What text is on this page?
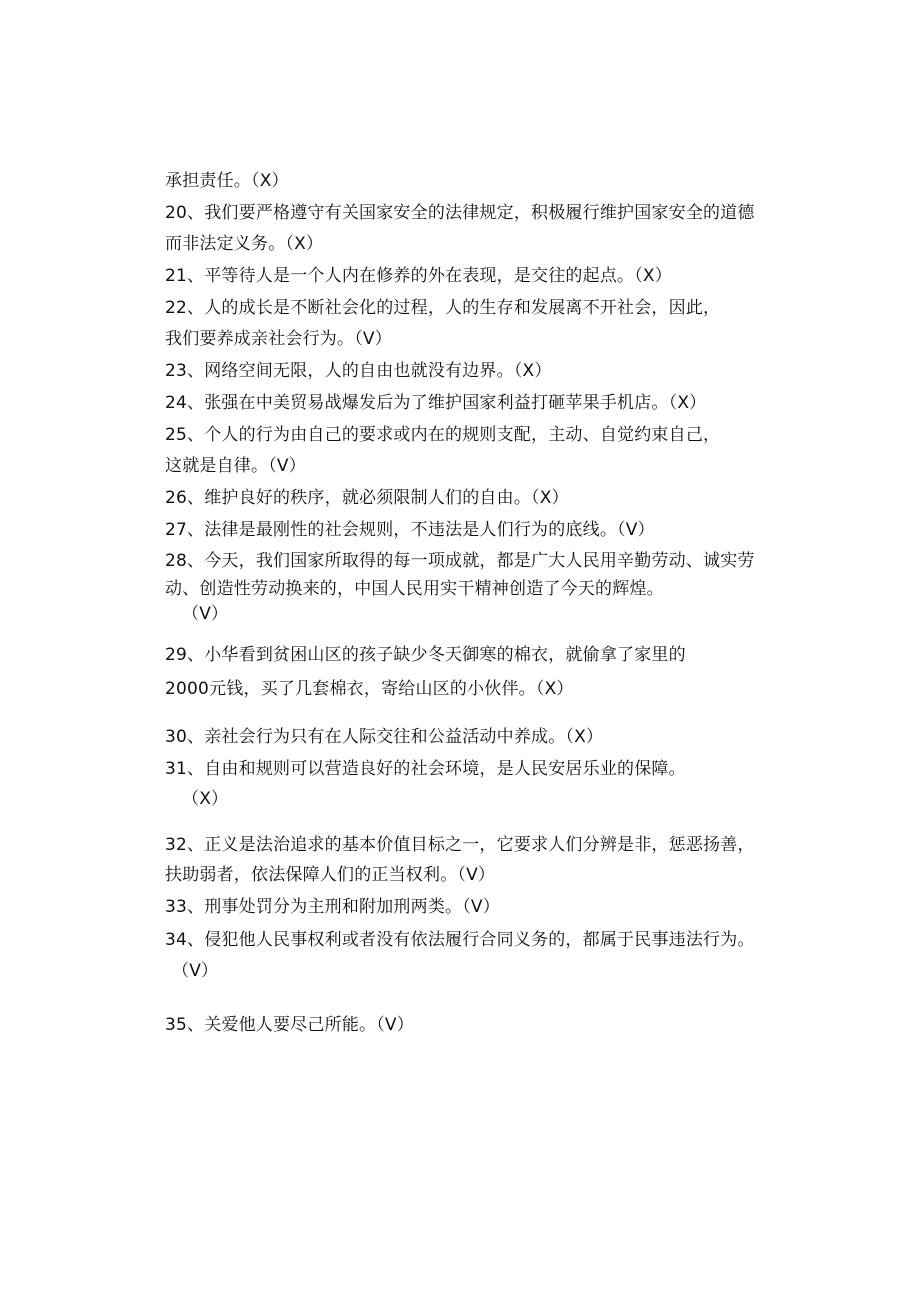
承担责任。（X）

20、我们要严格遵守有关国家安全的法律规定，积极履行维护国家安全的道德

而非法定义务。（X）

21、平等待人是一个人内在修养的外在表现，是交往的起点。（X）

22、人的成长是不断社会化的过程，人的生存和发展离不开社会，因此，

我们要养成亲社会行为。（V）

23、网络空间无限，人的自由也就没有边界。（X）

24、张强在中美贸易战爆发后为了维护国家利益打砸苹果手机店。（X）

25、个人的行为由自己的要求或内在的规则支配，主动、自觉约束自己，

这就是自律。（V）

26、维护良好的秩序，就必须限制人们的自由。（X）

27、法律是最刚性的社会规则，不违法是人们行为的底线。（V）

28、今天，我们国家所取得的每一项成就，都是广大人民用辛勤劳动、诚实劳

动、创造性劳动换来的，中国人民用实干精神创造了今天的辉煌。

（V）

29、小华看到贫困山区的孩子缺少冬天御寒的棉衣，就偷拿了家里的

2000元钱，买了几套棉衣，寄给山区的小伙伴。（X）

30、亲社会行为只有在人际交往和公益活动中养成。（X）

31、自由和规则可以营造良好的社会环境，是人民安居乐业的保障。

（X）

32、正义是法治追求的基本价值目标之一，它要求人们分辨是非，惩恶扬善，

扶助弱者，依法保障人们的正当权利。（V）

33、刑事处罚分为主刑和附加刑两类。（V）

34、侵犯他人民事权利或者没有依法履行合同义务的，都属于民事违法行为。

（V）

35、关爱他人要尽己所能。（V）
